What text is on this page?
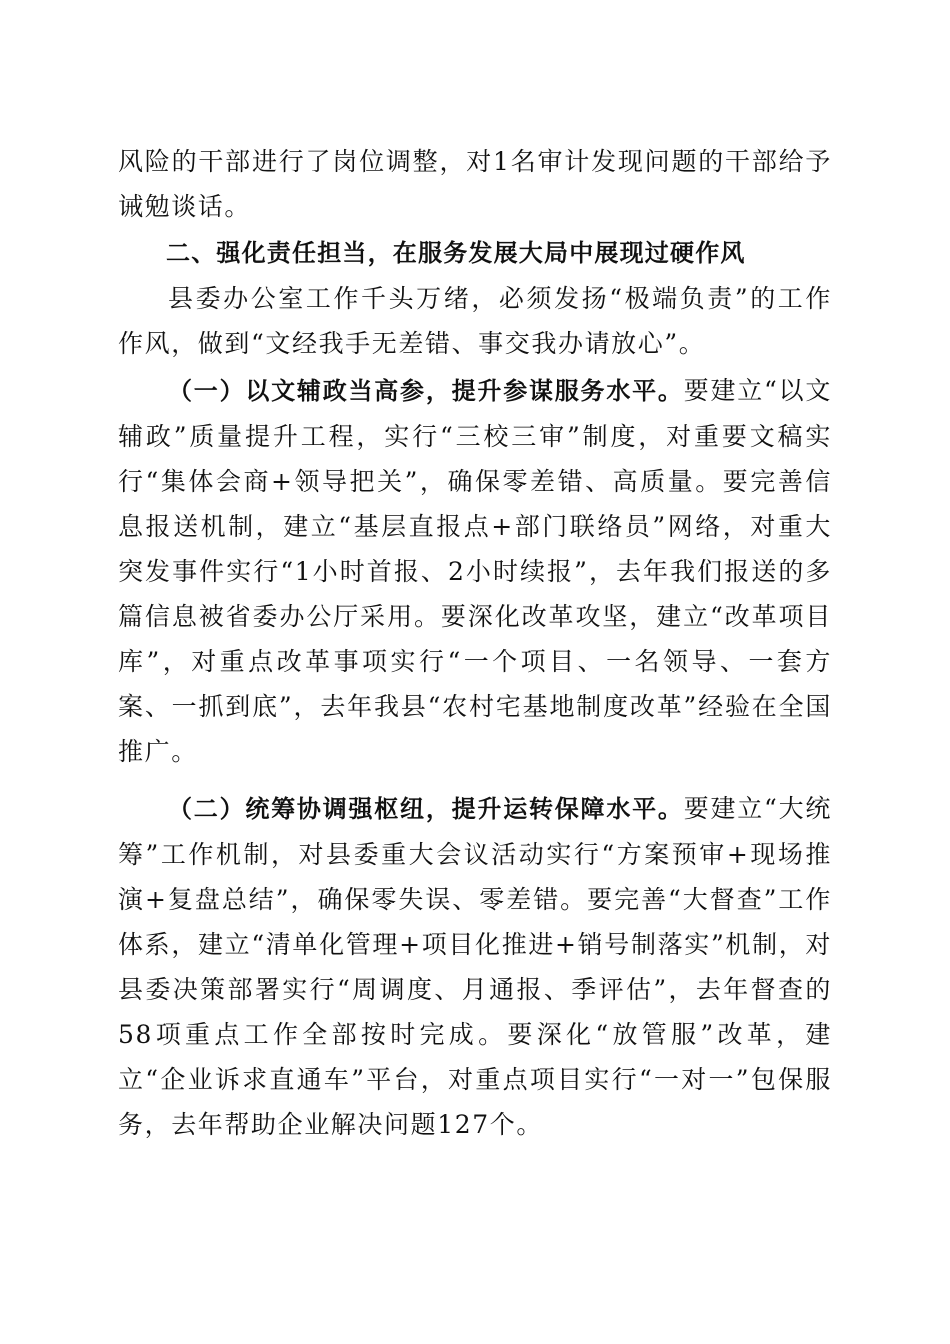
风险的干部进行了岗位调整，对1名审计发现问题的干部给予诫勉谈话。

二、强化责任担当，在服务发展大局中展现过硬作风

县委办公室工作千头万绪，必须发扬“极端负责”的工作作风，做到“文经我手无差错、事交我办请放心”。

（一）以文辅政当高参，提升参谋服务水平。要建立“以文辅政”质量提升工程，实行“三校三审”制度，对重要文稿实行“集体会商+领导把关”，确保零差错、高质量。要完善信息报送机制，建立“基层直报点+部门联络员”网络，对重大突发事件实行“1小时首报、2小时续报”，去年我们报送的多篇信息被省委办公厅采用。要深化改革攻坚，建立“改革项目库”，对重点改革事项实行“一个项目、一名领导、一套方案、一抓到底”，去年我县“农村宅基地制度改革”经验在全国推广。

（二）统筹协调强枢纽，提升运转保障水平。要建立“大统筹”工作机制，对县委重大会议活动实行“方案预审+现场推演+复盘总结”，确保零失误、零差错。要完善“大督查”工作体系，建立“清单化管理+项目化推进+销号制落实”机制，对县委决策部署实行“周调度、月通报、季评估”，去年督查的58项重点工作全部按时完成。要深化“放管服”改革，建立“企业诉求直通车”平台，对重点项目实行“一对一”包保服务，去年帮助企业解决问题127个。
